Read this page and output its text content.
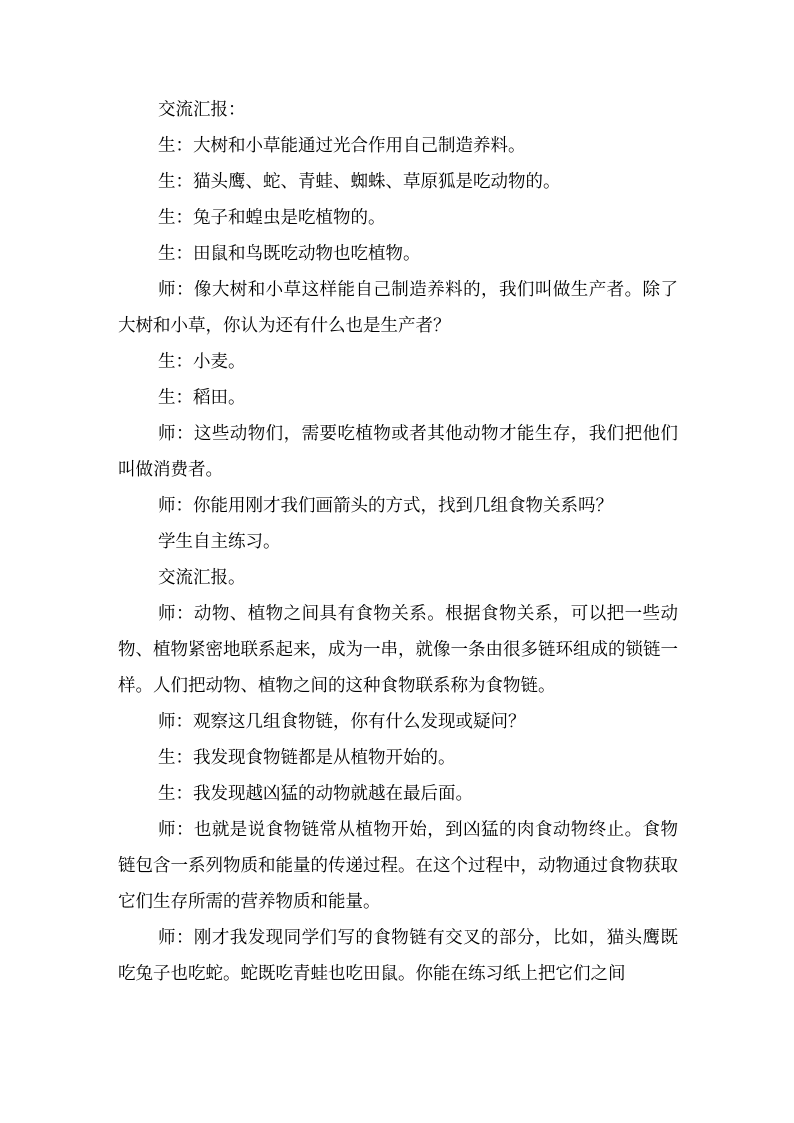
交流汇报：

生：大树和小草能通过光合作用自己制造养料。

生：猫头鹰、蛇、青蛙、蜘蛛、草原狐是吃动物的。

生：兔子和蝗虫是吃植物的。

生：田鼠和鸟既吃动物也吃植物。

师：像大树和小草这样能自己制造养料的，我们叫做生产者。除了大树和小草，你认为还有什么也是生产者？

生：小麦。

生：稻田。

师：这些动物们，需要吃植物或者其他动物才能生存，我们把他们叫做消费者。

师：你能用刚才我们画箭头的方式，找到几组食物关系吗？

学生自主练习。

交流汇报。

师：动物、植物之间具有食物关系。根据食物关系，可以把一些动物、植物紧密地联系起来，成为一串，就像一条由很多链环组成的锁链一样。人们把动物、植物之间的这种食物联系称为食物链。

师：观察这几组食物链，你有什么发现或疑问？

生：我发现食物链都是从植物开始的。

生：我发现越凶猛的动物就越在最后面。

师：也就是说食物链常从植物开始，到凶猛的肉食动物终止。食物链包含一系列物质和能量的传递过程。在这个过程中，动物通过食物获取它们生存所需的营养物质和能量。

师：刚才我发现同学们写的食物链有交叉的部分，比如，猫头鹰既吃兔子也吃蛇。蛇既吃青蛙也吃田鼠。你能在练习纸上把它们之间
